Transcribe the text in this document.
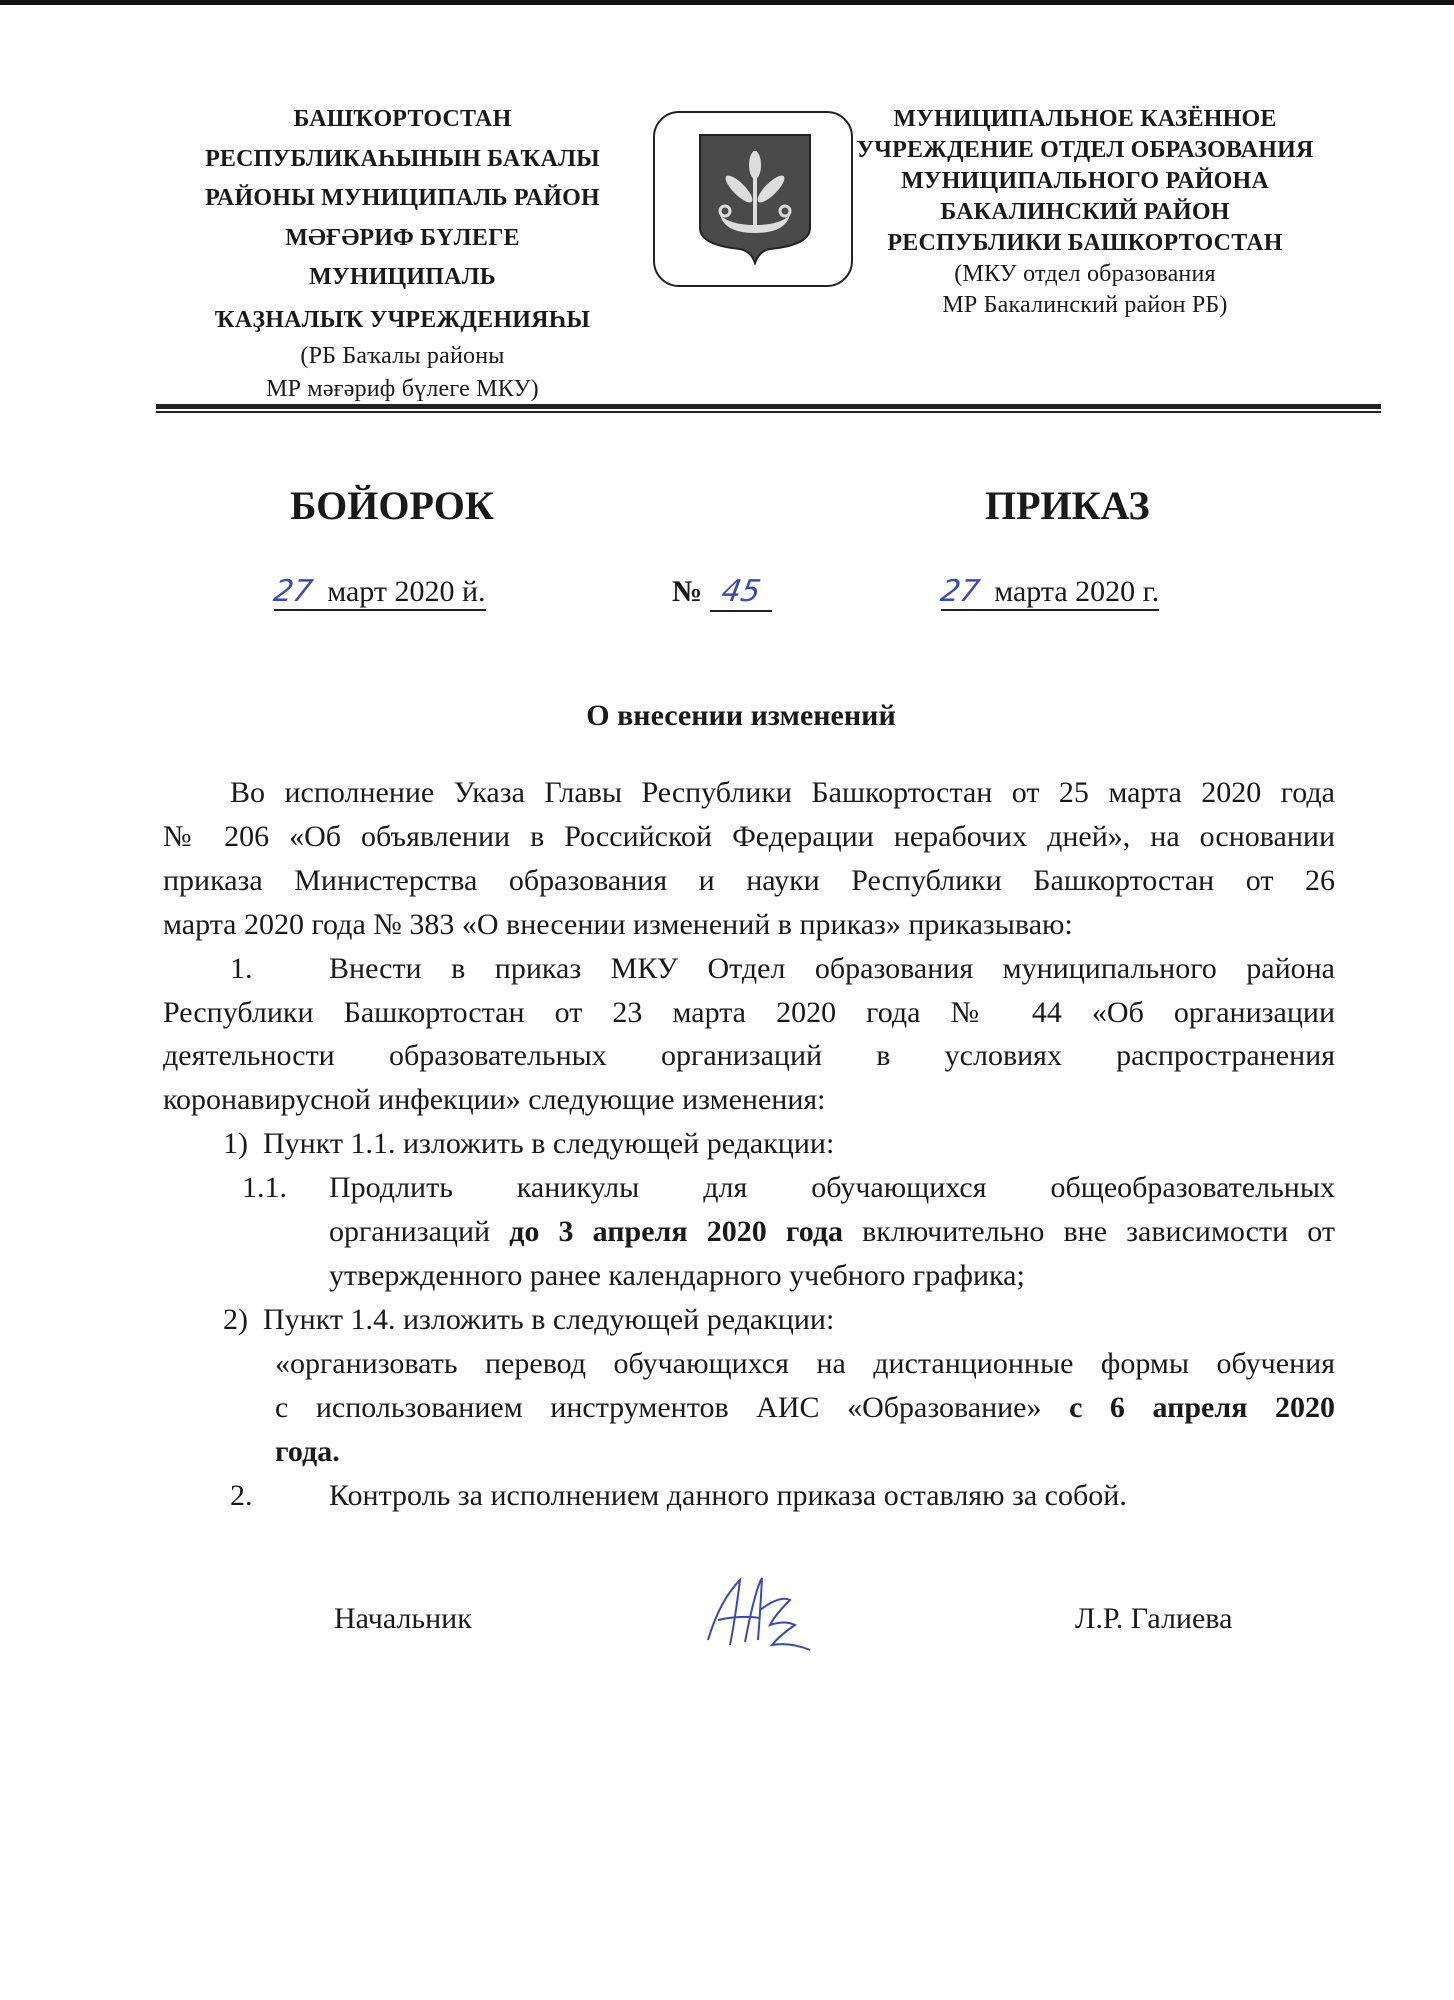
БАШҠОРТОСТАН
РЕСПУБЛИКАҺЫНЫН БАҠАЛЫ
РАЙОНЫ МУНИЦИПАЛЬ РАЙОН
МӘҒӘРИФ БҮЛЕГЕ МУНИЦИПАЛЬ
ҠАҘНАЛЫҠ УЧРЕЖДЕНИЯҺЫ
(РБ Баҡалы районы
МР мәғәриф бүлеге МКУ)
МУНИЦИПАЛЬНОЕ КАЗЁННОЕ
УЧРЕЖДЕНИЕ ОТДЕЛ ОБРАЗОВАНИЯ
МУНИЦИПАЛЬНОГО РАЙОНА
БАКАЛИНСКИЙ РАЙОН
РЕСПУБЛИКИ БАШКОРТОСТАН
(МКУ отдел образования
МР Бакалинский район РБ)
БОЙОРОК	ПРИКАЗ
27 март 2020 й.	№ 45	27 марта 2020 г.
О внесении изменений
Во исполнение Указа Главы Республики Башкортостан от 25 марта 2020 года
№ 206 «Об объявлении в Российской Федерации нерабочих дней», на основании
приказа Министерства образования и науки Республики Башкортостан от 26
марта 2020 года № 383 «О внесении изменений в приказ» приказываю:
1.	Внести в приказ МКУ Отдел образования муниципального района
Республики Башкортостан от 23 марта 2020 года № 44 «Об организации
деятельности образовательных организаций в условиях распространения
коронавирусной инфекции» следующие изменения:
1)  Пункт 1.1. изложить в следующей редакции:
1.1. Продлить каникулы для обучающихся общеобразовательных
организаций до 3 апреля 2020 года включительно вне зависимости от
утвержденного ранее календарного учебного графика;
2)  Пункт 1.4. изложить в следующей редакции:
«организовать перевод обучающихся на дистанционные формы обучения
с использованием инструментов АИС «Образование» с 6 апреля 2020
года.
2.	Контроль за исполнением данного приказа оставляю за собой.
Начальник	Л.Р. Галиева
